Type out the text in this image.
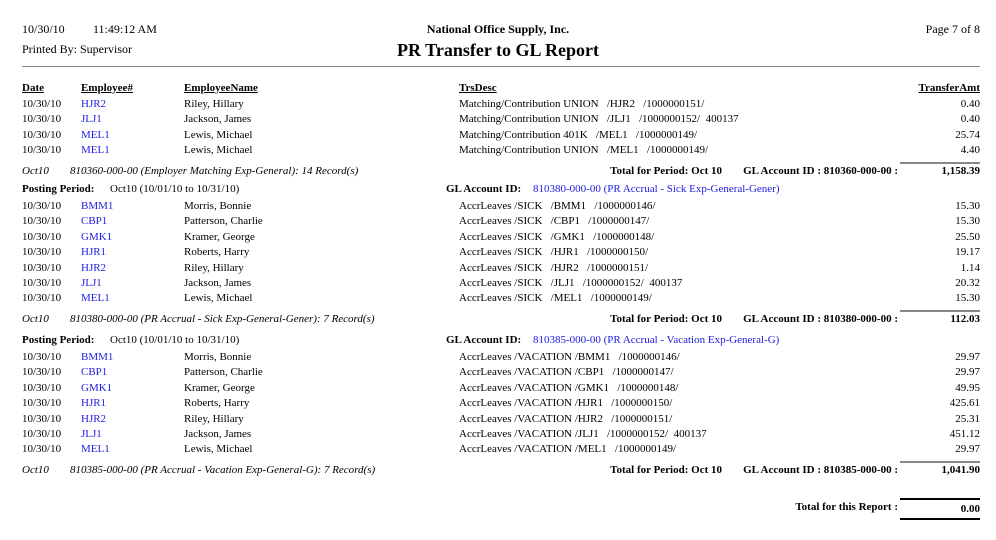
10/30/10 11:49:12 AM
Printed By: Supervisor
National Office Supply, Inc.
PR Transfer to GL Report
Page 7 of 8
Date	Employee#	EmployeeName	TrsDesc	TransferAmt
10/30/10 HJR2	Riley, Hillary	Matching/Contribution UNION   /HJR2   /1000000151/	0.40
10/30/10 JLJ1	Jackson, James	Matching/Contribution UNION   /JLJ1   /1000000152/  400137	0.40
10/30/10 MEL1	Lewis, Michael	Matching/Contribution 401K   /MEL1   /1000000149/	25.74
10/30/10 MEL1	Lewis, Michael	Matching/Contribution UNION   /MEL1   /1000000149/	4.40
Oct10 810360-000-00 (Employer Matching Exp-General): 14 Record(s)	Total for Period: Oct 10 GL Account ID : 810360-000-00 :	1,158.39
Posting Period: Oct10 (10/01/10 to 10/31/10)	GL Account ID: 810380-000-00 (PR Accrual - Sick Exp-General-Gener)
10/30/10 BMM1	Morris, Bonnie	AccrLeaves /SICK   /BMM1   /1000000146/	15.30
10/30/10 CBP1	Patterson, Charlie	AccrLeaves /SICK   /CBP1   /1000000147/	15.30
10/30/10 GMK1	Kramer, George	AccrLeaves /SICK   /GMK1   /1000000148/	25.50
10/30/10 HJR1	Roberts, Harry	AccrLeaves /SICK   /HJR1   /1000000150/	19.17
10/30/10 HJR2	Riley, Hillary	AccrLeaves /SICK   /HJR2   /1000000151/	1.14
10/30/10 JLJ1	Jackson, James	AccrLeaves /SICK   /JLJ1   /1000000152/  400137	20.32
10/30/10 MEL1	Lewis, Michael	AccrLeaves /SICK   /MEL1   /1000000149/	15.30
Oct10 810380-000-00 (PR Accrual - Sick Exp-General-Gener): 7 Record(s)	Total for Period: Oct 10 GL Account ID : 810380-000-00 :	112.03
Posting Period: Oct10 (10/01/10 to 10/31/10)	GL Account ID: 810385-000-00 (PR Accrual - Vacation Exp-General-G)
10/30/10 BMM1	Morris, Bonnie	AccrLeaves /VACATION /BMM1   /1000000146/	29.97
10/30/10 CBP1	Patterson, Charlie	AccrLeaves /VACATION /CBP1   /1000000147/	29.97
10/30/10 GMK1	Kramer, George	AccrLeaves /VACATION /GMK1   /1000000148/	49.95
10/30/10 HJR1	Roberts, Harry	AccrLeaves /VACATION /HJR1   /1000000150/	425.61
10/30/10 HJR2	Riley, Hillary	AccrLeaves /VACATION /HJR2   /1000000151/	25.31
10/30/10 JLJ1	Jackson, James	AccrLeaves /VACATION /JLJ1   /1000000152/  400137	451.12
10/30/10 MEL1	Lewis, Michael	AccrLeaves /VACATION /MEL1   /1000000149/	29.97
Oct10 810385-000-00 (PR Accrual - Vacation Exp-General-G): 7 Record(s)	Total for Period: Oct 10 GL Account ID : 810385-000-00 :	1,041.90
Total for this Report :	0.00
